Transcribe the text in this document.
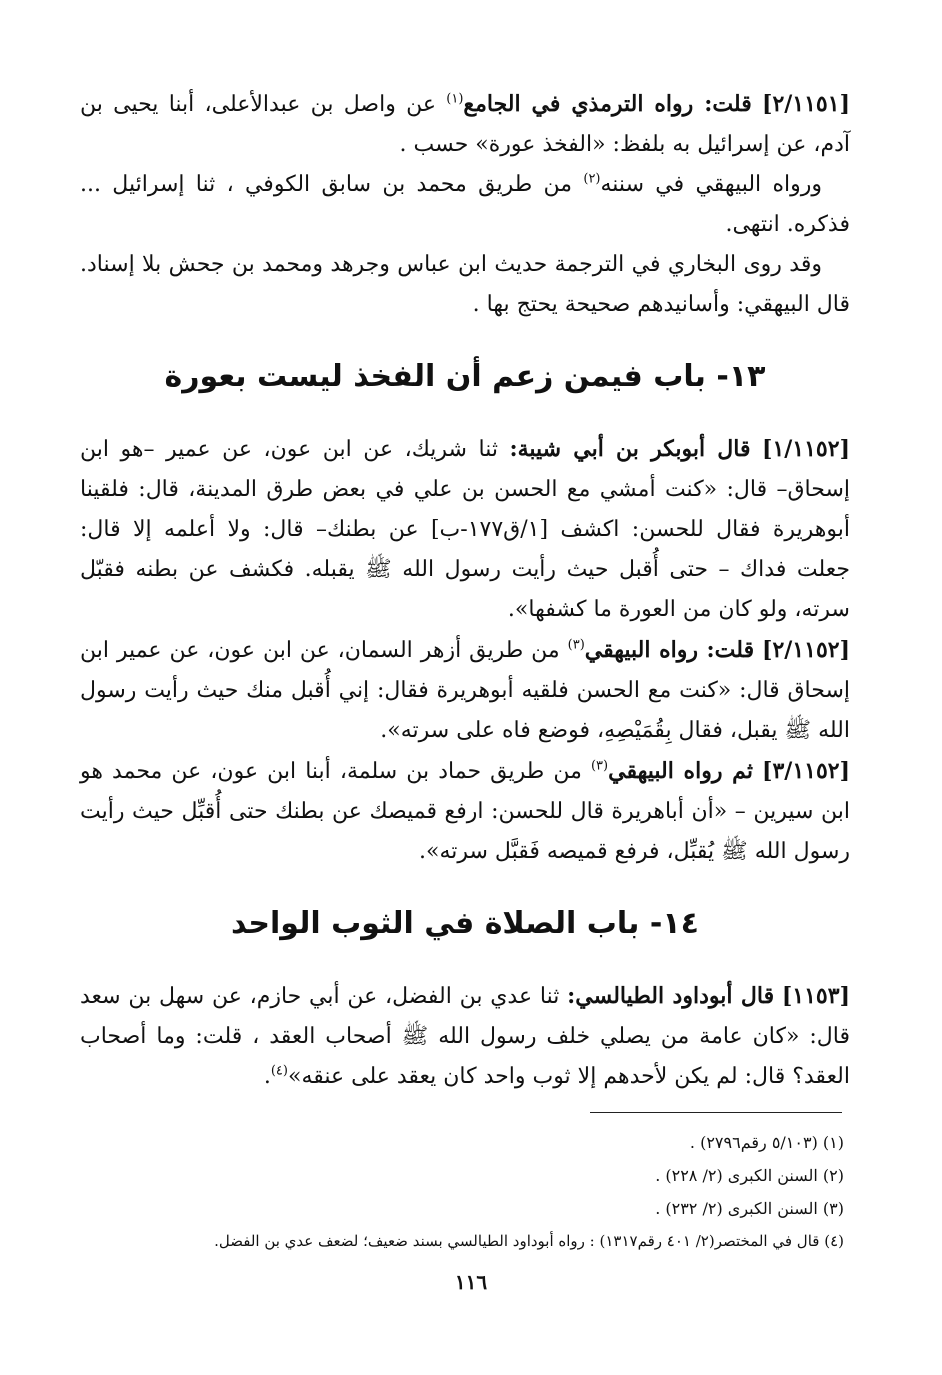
[٢/١١٥١] قلت: رواه الترمذي في الجامع$^{(١)}$ عن واصل بن عبدالأعلى، أبنا يحيى بن آدم، عن إسرائيل به بلفظ: «الفخذ عورة» حسب .

ورواه البيهقي في سننه$^{(٢)}$ من طريق محمد بن سابق الكوفي ، ثنا إسرائيل ... فذكره. انتهى.

وقد روى البخاري في الترجمة حديث ابن عباس وجرهد ومحمد بن جحش بلا إسناد. قال البيهقي: وأسانيدهم صحيحة يحتج بها .

١٣- باب فيمن زعم أن الفخذ ليست بعورة

[١/١١٥٢] قال أبوبكر بن أبي شيبة: ثنا شريك، عن ابن عون، عن عمير –هو ابن إسحاق– قال: «كنت أمشي مع الحسن بن علي في بعض طرق المدينة، قال: فلقينا أبوهريرة فقال للحسن: اكشف [١/ق١٧٧-ب] عن بطنك– قال: ولا أعلمه إلا قال: جعلت فداك – حتى أُقبل حيث رأيت رسول الله ﷺ يقبله. فكشف عن بطنه فقبّل سرته، ولو كان من العورة ما كشفها».

[٢/١١٥٢] قلت: رواه البيهقي$^{(٣)}$ من طريق أزهر السمان، عن ابن عون، عن عمير ابن إسحاق قال: «كنت مع الحسن فلقيه أبوهريرة فقال: إني أُقبل منك حيث رأيت رسول الله ﷺ يقبل، فقال بِقُمَيْصِهِ، فوضع فاه على سرته».

[٣/١١٥٢] ثم رواه البيهقي$^{(٣)}$ من طريق حماد بن سلمة، أبنا ابن عون، عن محمد هو ابن سيرين – «أن أباهريرة قال للحسن: ارفع قميصك عن بطنك حتى أُقبِّل حيث رأيت رسول الله ﷺ يُقبِّل، فرفع قميصه فَقبَّل سرته».

١٤- باب الصلاة في الثوب الواحد

[١١٥٣] قال أبوداود الطيالسي: ثنا عدي بن الفضل، عن أبي حازم، عن سهل بن سعد قال: «كان عامة من يصلي خلف رسول الله ﷺ أصحاب العقد ، قلت: وما أصحاب العقد؟ قال: لم يكن لأحدهم إلا ثوب واحد كان يعقد على عنقه»$^{(٤)}$.

(١) (٥/١٠٣ رقم٢٧٩٦) .
(٢) السنن الكبرى (٢/ ٢٢٨) .
(٣) السنن الكبرى (٢/ ٢٣٢) .
(٤) قال في المختصر(٢/ ٤٠١ رقم١٣١٧) : رواه أبوداود الطيالسي بسند ضعيف؛ لضعف عدي بن الفضل.
١١٦
